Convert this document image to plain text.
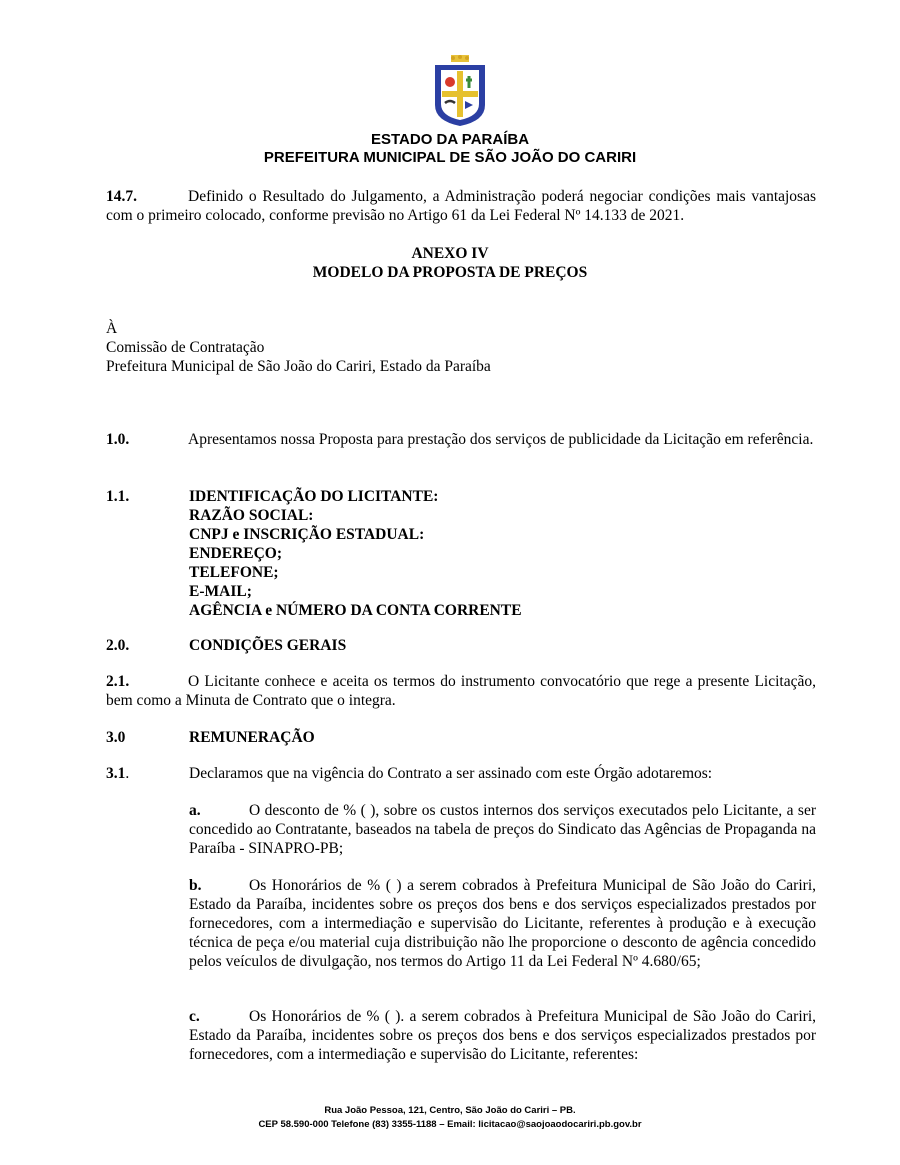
ESTADO DA PARAÍBA
PREFEITURA MUNICIPAL DE SÃO JOÃO DO CARIRI
14.7.	Definido o Resultado do Julgamento, a Administração poderá negociar condições mais vantajosas com o primeiro colocado, conforme previsão no Artigo 61 da Lei Federal Nº 14.133 de 2021.
ANEXO IV
MODELO DA PROPOSTA DE PREÇOS
À
Comissão de Contratação
Prefeitura Municipal de São João do Cariri, Estado da Paraíba
1.0.	Apresentamos nossa Proposta para prestação dos serviços de publicidade da Licitação em referência.
1.1.	IDENTIFICAÇÃO DO LICITANTE:
RAZÃO SOCIAL:
CNPJ e INSCRIÇÃO ESTADUAL:
ENDEREÇO;
TELEFONE;
E-MAIL;
AGÊNCIA e NÚMERO DA CONTA CORRENTE
2.0.	CONDIÇÕES GERAIS
2.1.	O Licitante conhece e aceita os termos do instrumento convocatório que rege a presente Licitação, bem como a Minuta de Contrato que o integra.
3.0	REMUNERAÇÃO
3.1.	Declaramos que na vigência do Contrato a ser assinado com este Órgão adotaremos:
a.	O desconto de % ( ), sobre os custos internos dos serviços executados pelo Licitante, a ser concedido ao Contratante, baseados na tabela de preços do Sindicato das Agências de Propaganda na Paraíba - SINAPRO-PB;
b.	Os Honorários de % ( ) a serem cobrados à Prefeitura Municipal de São João do Cariri, Estado da Paraíba, incidentes sobre os preços dos bens e dos serviços especializados prestados por fornecedores, com a intermediação e supervisão do Licitante, referentes à produção e à execução técnica de peça e/ou material cuja distribuição não lhe proporcione o desconto de agência concedido pelos veículos de divulgação, nos termos do Artigo 11 da Lei Federal Nº 4.680/65;
c.	Os Honorários de % ( ). a serem cobrados à Prefeitura Municipal de São João do Cariri, Estado da Paraíba, incidentes sobre os preços dos bens e dos serviços especializados prestados por fornecedores, com a intermediação e supervisão do Licitante, referentes:
Rua João Pessoa, 121, Centro, São João do Cariri – PB.
CEP 58.590-000 Telefone (83) 3355-1188 – Email: licitacao@saojoaodocariri.pb.gov.br
